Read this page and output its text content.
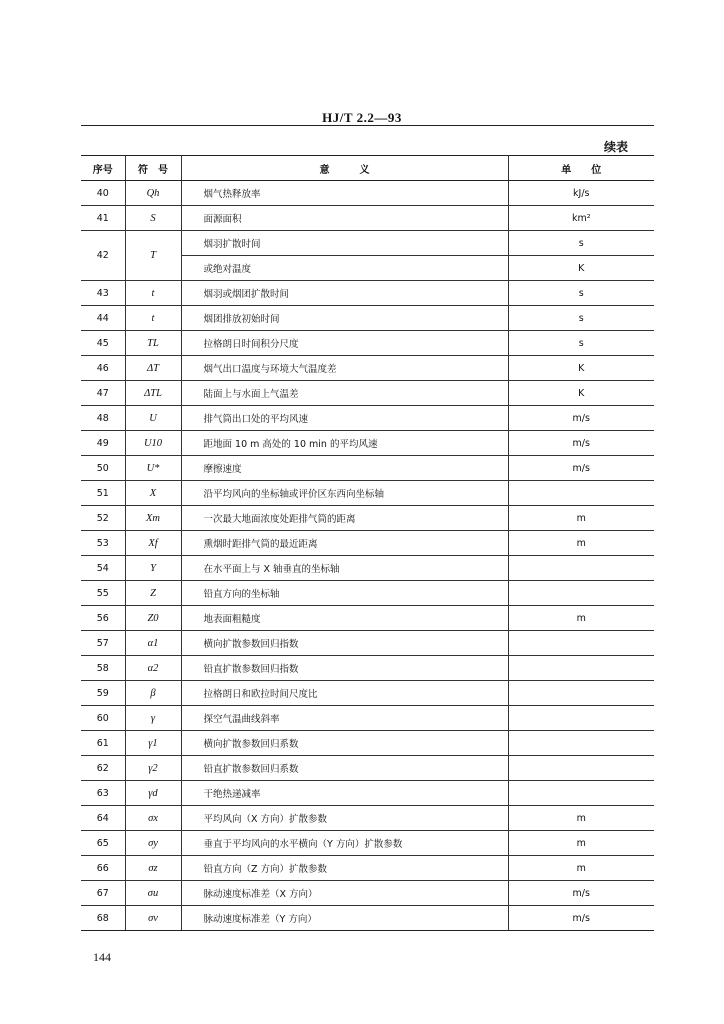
HJ/T 2.2—93
续表
序号	符　号	意　　　义	单　　位
40	Qh	烟气热释放率	kJ/s
41	S	面源面积	km²
42	T	烟羽扩散时间	s
		或绝对温度	K
43	t	烟羽或烟团扩散时间	s
44	t	烟团排放初始时间	s
45	TL	拉格朗日时间积分尺度	s
46	ΔT	烟气出口温度与环境大气温度差	K
47	ΔTL	陆面上与水面上气温差	K
48	U	排气筒出口处的平均风速	m/s
49	U10	距地面 10 m 高处的 10 min 的平均风速	m/s
50	U*	摩擦速度	m/s
51	X	沿平均风向的坐标轴或评价区东西向坐标轴	
52	Xm	一次最大地面浓度处距排气筒的距离	m
53	Xf	熏烟时距排气筒的最近距离	m
54	Y	在水平面上与 X 轴垂直的坐标轴	
55	Z	铅直方向的坐标轴	
56	Z0	地表面粗糙度	m
57	α1	横向扩散参数回归指数	
58	α2	铅直扩散参数回归指数	
59	β	拉格朗日和欧拉时间尺度比	
60	γ	探空气温曲线斜率	
61	γ1	横向扩散参数回归系数	
62	γ2	铅直扩散参数回归系数	
63	γd	干绝热递减率	
64	σx	平均风向（X 方向）扩散参数	m
65	σy	垂直于平均风向的水平横向（Y 方向）扩散参数	m
66	σz	铅直方向（Z 方向）扩散参数	m
67	σu	脉动速度标准差（X 方向）	m/s
68	σv	脉动速度标准差（Y 方向）	m/s
144
